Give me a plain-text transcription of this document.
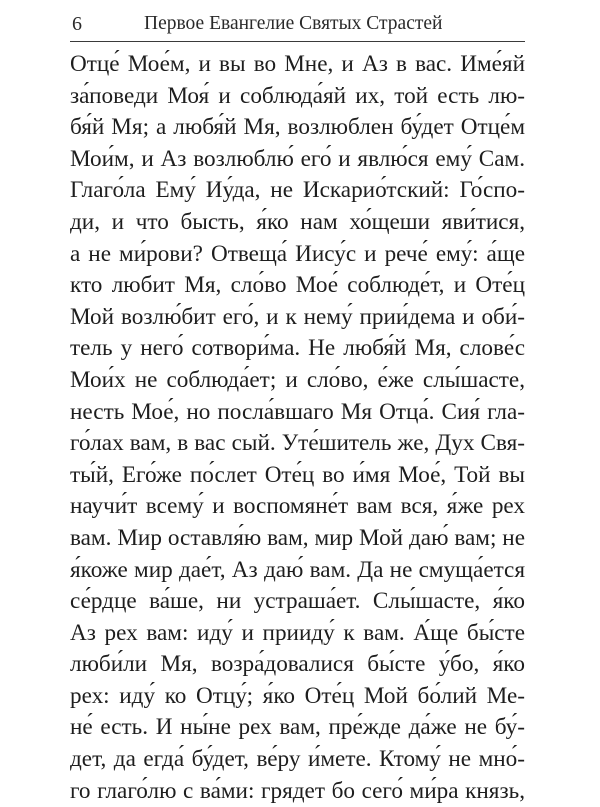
6	Первое Евангелие Святых Страстей
Отце́ Мое́м, и вы во Мне, и Аз в вас. Име́яй
за́поведи Моя́ и соблюда́яй их, той есть лю-
бя́й Мя; а любя́й Мя, возлюблен бу́дет Отце́м
Мои́м, и Аз возлюблю́ его́ и явлю́ся ему́ Сам.
Глаго́ла Ему́ Иу́да, не Искарио́тский: Го́спо-
ди, и что бысть, я́ко нам хо́щеши яви́тися,
а не ми́рови? Отвеща́ Иису́с и рече́ ему́: а́ще
кто любит Мя, сло́во Мое́ соблюде́т, и Оте́ц
Мой возлю́бит его́, и к нему́ прии́дема и оби́-
тель у него́ сотвори́ма. Не любя́й Мя, слове́с
Мои́х не соблюда́ет; и сло́во, е́же слы́шасте,
несть Мое́, но посла́вшаго Мя Отца́. Сия́ гла-
го́лах вам, в вас сый. Уте́шитель же, Дух Свя-
ты́й, Его́же по́слет Оте́ц во и́мя Мое́, Той вы
научи́т всему́ и воспомяне́т вам вся, я́же рех
вам. Мир оставля́ю вам, мир Мой даю́ вам; не
я́коже мир дае́т, Аз даю́ вам. Да не смуща́ется
се́рдце ва́ше, ни устраша́ет. Слы́шасте, я́ко
Аз рех вам: иду́ и прииду́ к вам. А́ще бы́сте
люби́ли Мя, возра́довалися бы́сте у́бо, я́ко
рех: иду́ ко Отцу́; я́ко Оте́ц Мой бо́лий Ме-
не́ есть. И ны́не рех вам, пре́жде да́же не бу́-
дет, да егда́ бу́дет, ве́ру и́мете. Ктому́ не мно́-
го глаго́лю с ва́ми: грядет бо сего́ ми́ра князь,
